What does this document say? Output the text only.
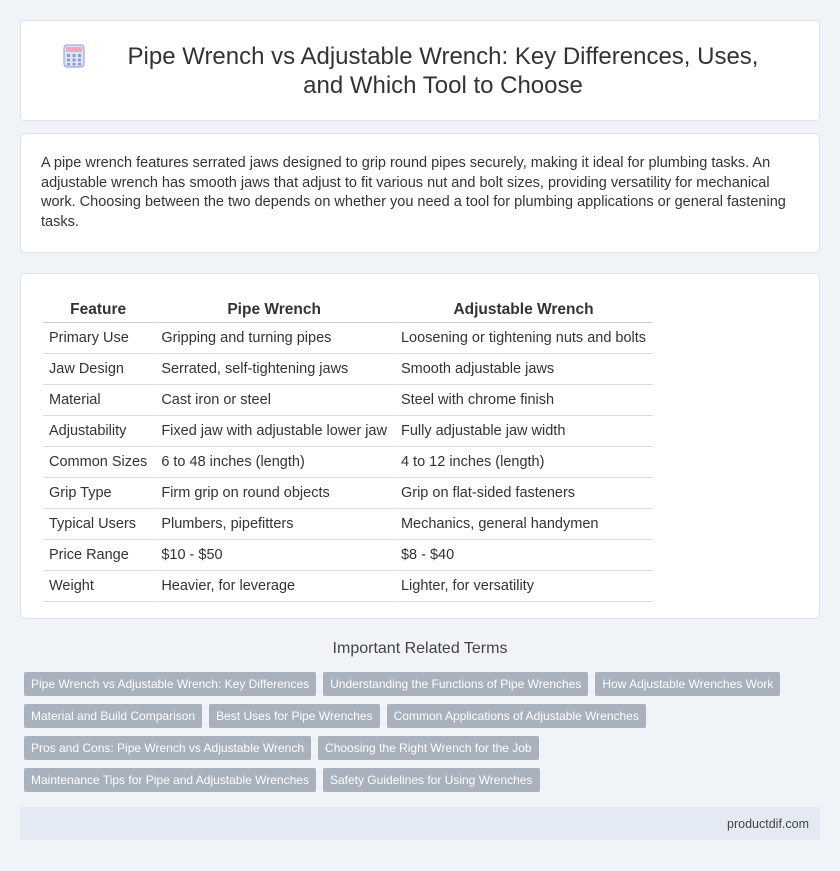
Pipe Wrench vs Adjustable Wrench: Key Differences, Uses, and Which Tool to Choose

A pipe wrench features serrated jaws designed to grip round pipes securely, making it ideal for plumbing tasks. An adjustable wrench has smooth jaws that adjust to fit various nut and bolt sizes, providing versatility for mechanical work. Choosing between the two depends on whether you need a tool for plumbing applications or general fastening tasks.

Feature	Pipe Wrench	Adjustable Wrench
Primary Use	Gripping and turning pipes	Loosening or tightening nuts and bolts
Jaw Design	Serrated, self-tightening jaws	Smooth adjustable jaws
Material	Cast iron or steel	Steel with chrome finish
Adjustability	Fixed jaw with adjustable lower jaw	Fully adjustable jaw width
Common Sizes	6 to 48 inches (length)	4 to 12 inches (length)
Grip Type	Firm grip on round objects	Grip on flat-sided fasteners
Typical Users	Plumbers, pipefitters	Mechanics, general handymen
Price Range	$10 - $50	$8 - $40
Weight	Heavier, for leverage	Lighter, for versatility
Important Related Terms
Pipe Wrench vs Adjustable Wrench: Key Differences	Understanding the Functions of Pipe Wrenches	How Adjustable Wrenches Work
Material and Build Comparison	Best Uses for Pipe Wrenches	Common Applications of Adjustable Wrenches
Pros and Cons: Pipe Wrench vs Adjustable Wrench	Choosing the Right Wrench for the Job
Maintenance Tips for Pipe and Adjustable Wrenches	Safety Guidelines for Using Wrenches
productdif.com
